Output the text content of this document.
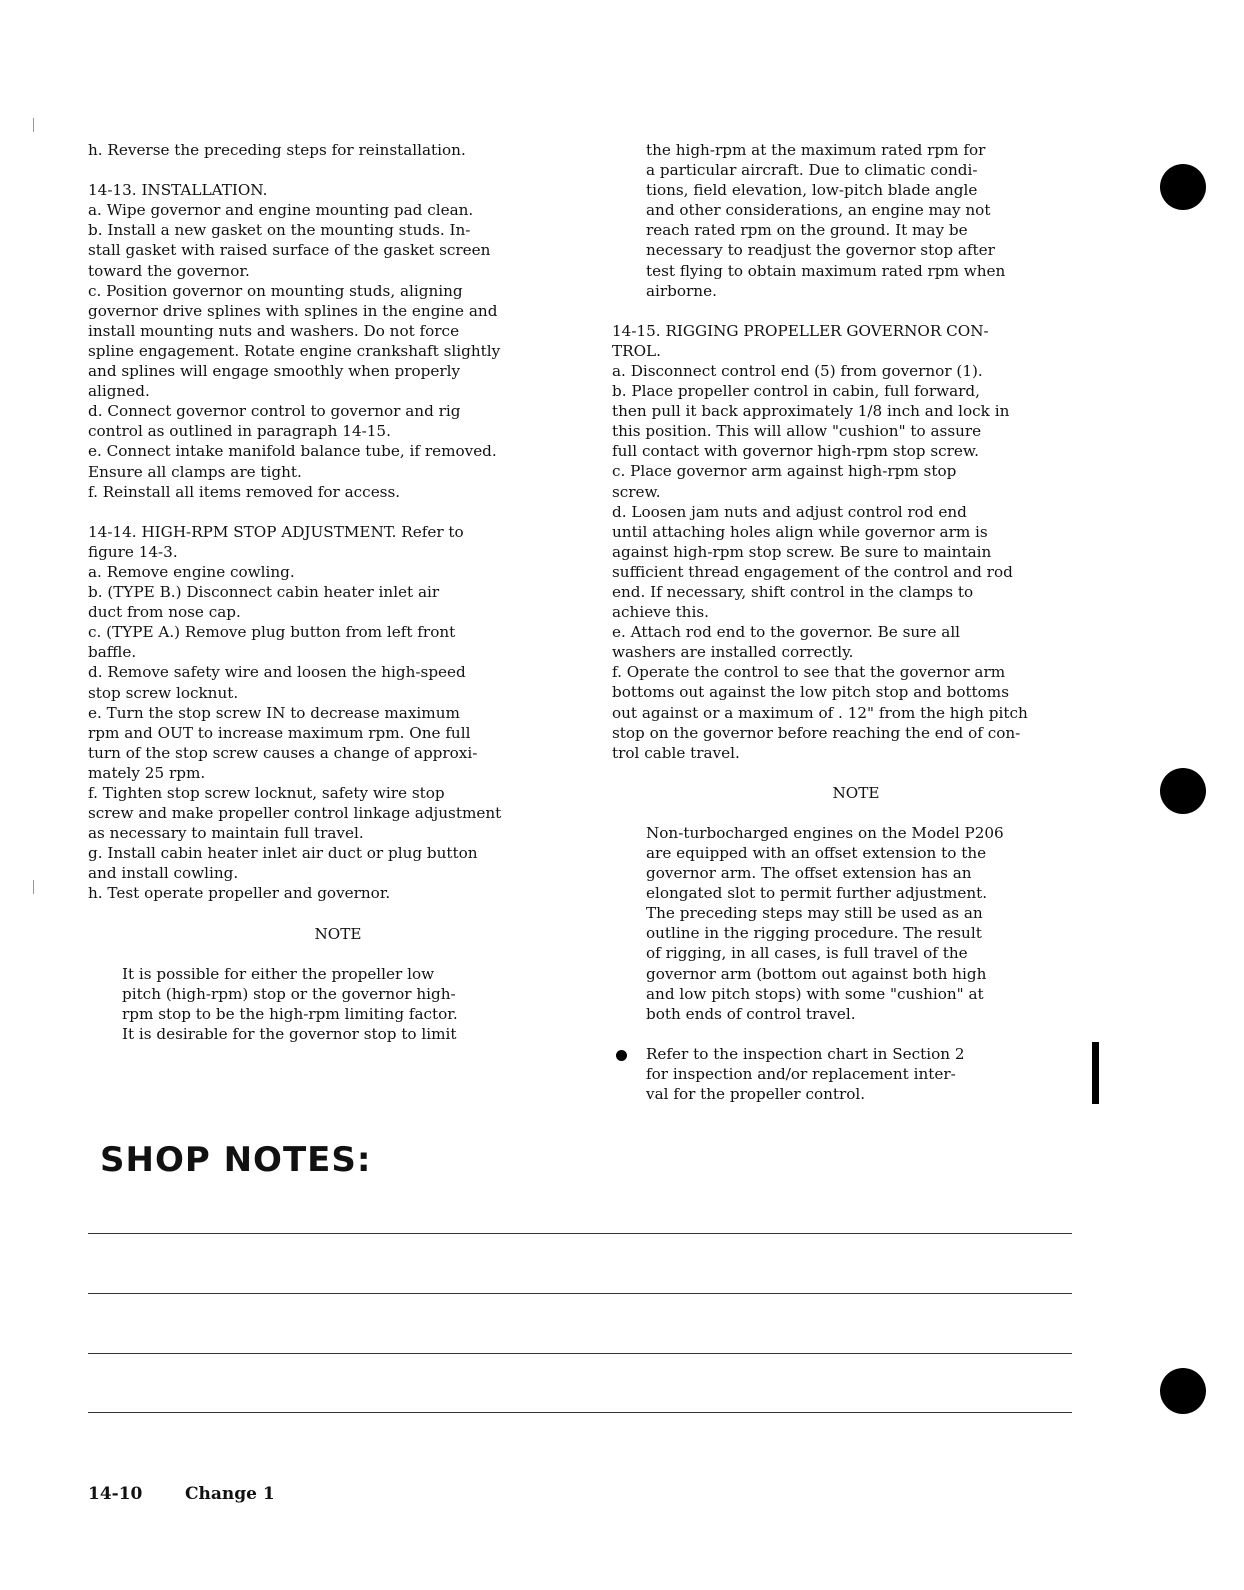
h. Reverse the preceding steps for reinstallation.
14-13. INSTALLATION.
a. Wipe governor and engine mounting pad clean.
b. Install a new gasket on the mounting studs. In-
stall gasket with raised surface of the gasket screen
toward the governor.
c. Position governor on mounting studs, aligning
governor drive splines with splines in the engine and
install mounting nuts and washers. Do not force
spline engagement. Rotate engine crankshaft slightly
and splines will engage smoothly when properly
aligned.
d. Connect governor control to governor and rig
control as outlined in paragraph 14-15.
e. Connect intake manifold balance tube, if removed.
Ensure all clamps are tight.
f. Reinstall all items removed for access.
14-14. HIGH-RPM STOP ADJUSTMENT. Refer to
figure 14-3.
a. Remove engine cowling.
b. (TYPE B.) Disconnect cabin heater inlet air
duct from nose cap.
c. (TYPE A.) Remove plug button from left front
baffle.
d. Remove safety wire and loosen the high-speed
stop screw locknut.
e. Turn the stop screw IN to decrease maximum
rpm and OUT to increase maximum rpm. One full
turn of the stop screw causes a change of approxi-
mately 25 rpm.
f. Tighten stop screw locknut, safety wire stop
screw and make propeller control linkage adjustment
as necessary to maintain full travel.
g. Install cabin heater inlet air duct or plug button
and install cowling.
h. Test operate propeller and governor.
NOTE
It is possible for either the propeller low
pitch (high-rpm) stop or the governor high-
rpm stop to be the high-rpm limiting factor.
It is desirable for the governor stop to limit
the high-rpm at the maximum rated rpm for
a particular aircraft. Due to climatic condi-
tions, field elevation, low-pitch blade angle
and other considerations, an engine may not
reach rated rpm on the ground. It may be
necessary to readjust the governor stop after
test flying to obtain maximum rated rpm when
airborne.
14-15. RIGGING PROPELLER GOVERNOR CON-
TROL.
a. Disconnect control end (5) from governor (1).
b. Place propeller control in cabin, full forward,
then pull it back approximately 1/8 inch and lock in
this position. This will allow "cushion" to assure
full contact with governor high-rpm stop screw.
c. Place governor arm against high-rpm stop
screw.
d. Loosen jam nuts and adjust control rod end
until attaching holes align while governor arm is
against high-rpm stop screw. Be sure to maintain
sufficient thread engagement of the control and rod
end. If necessary, shift control in the clamps to
achieve this.
e. Attach rod end to the governor. Be sure all
washers are installed correctly.
f. Operate the control to see that the governor arm
bottoms out against the low pitch stop and bottoms
out against or a maximum of . 12" from the high pitch
stop on the governor before reaching the end of con-
trol cable travel.
NOTE
Non-turbocharged engines on the Model P206
are equipped with an offset extension to the
governor arm. The offset extension has an
elongated slot to permit further adjustment.
The preceding steps may still be used as an
outline in the rigging procedure. The result
of rigging, in all cases, is full travel of the
governor arm (bottom out against both high
and low pitch stops) with some "cushion" at
both ends of control travel.
Refer to the inspection chart in Section 2
for inspection and/or replacement inter-
val for the propeller control.
SHOP NOTES:
14-10	Change 1
